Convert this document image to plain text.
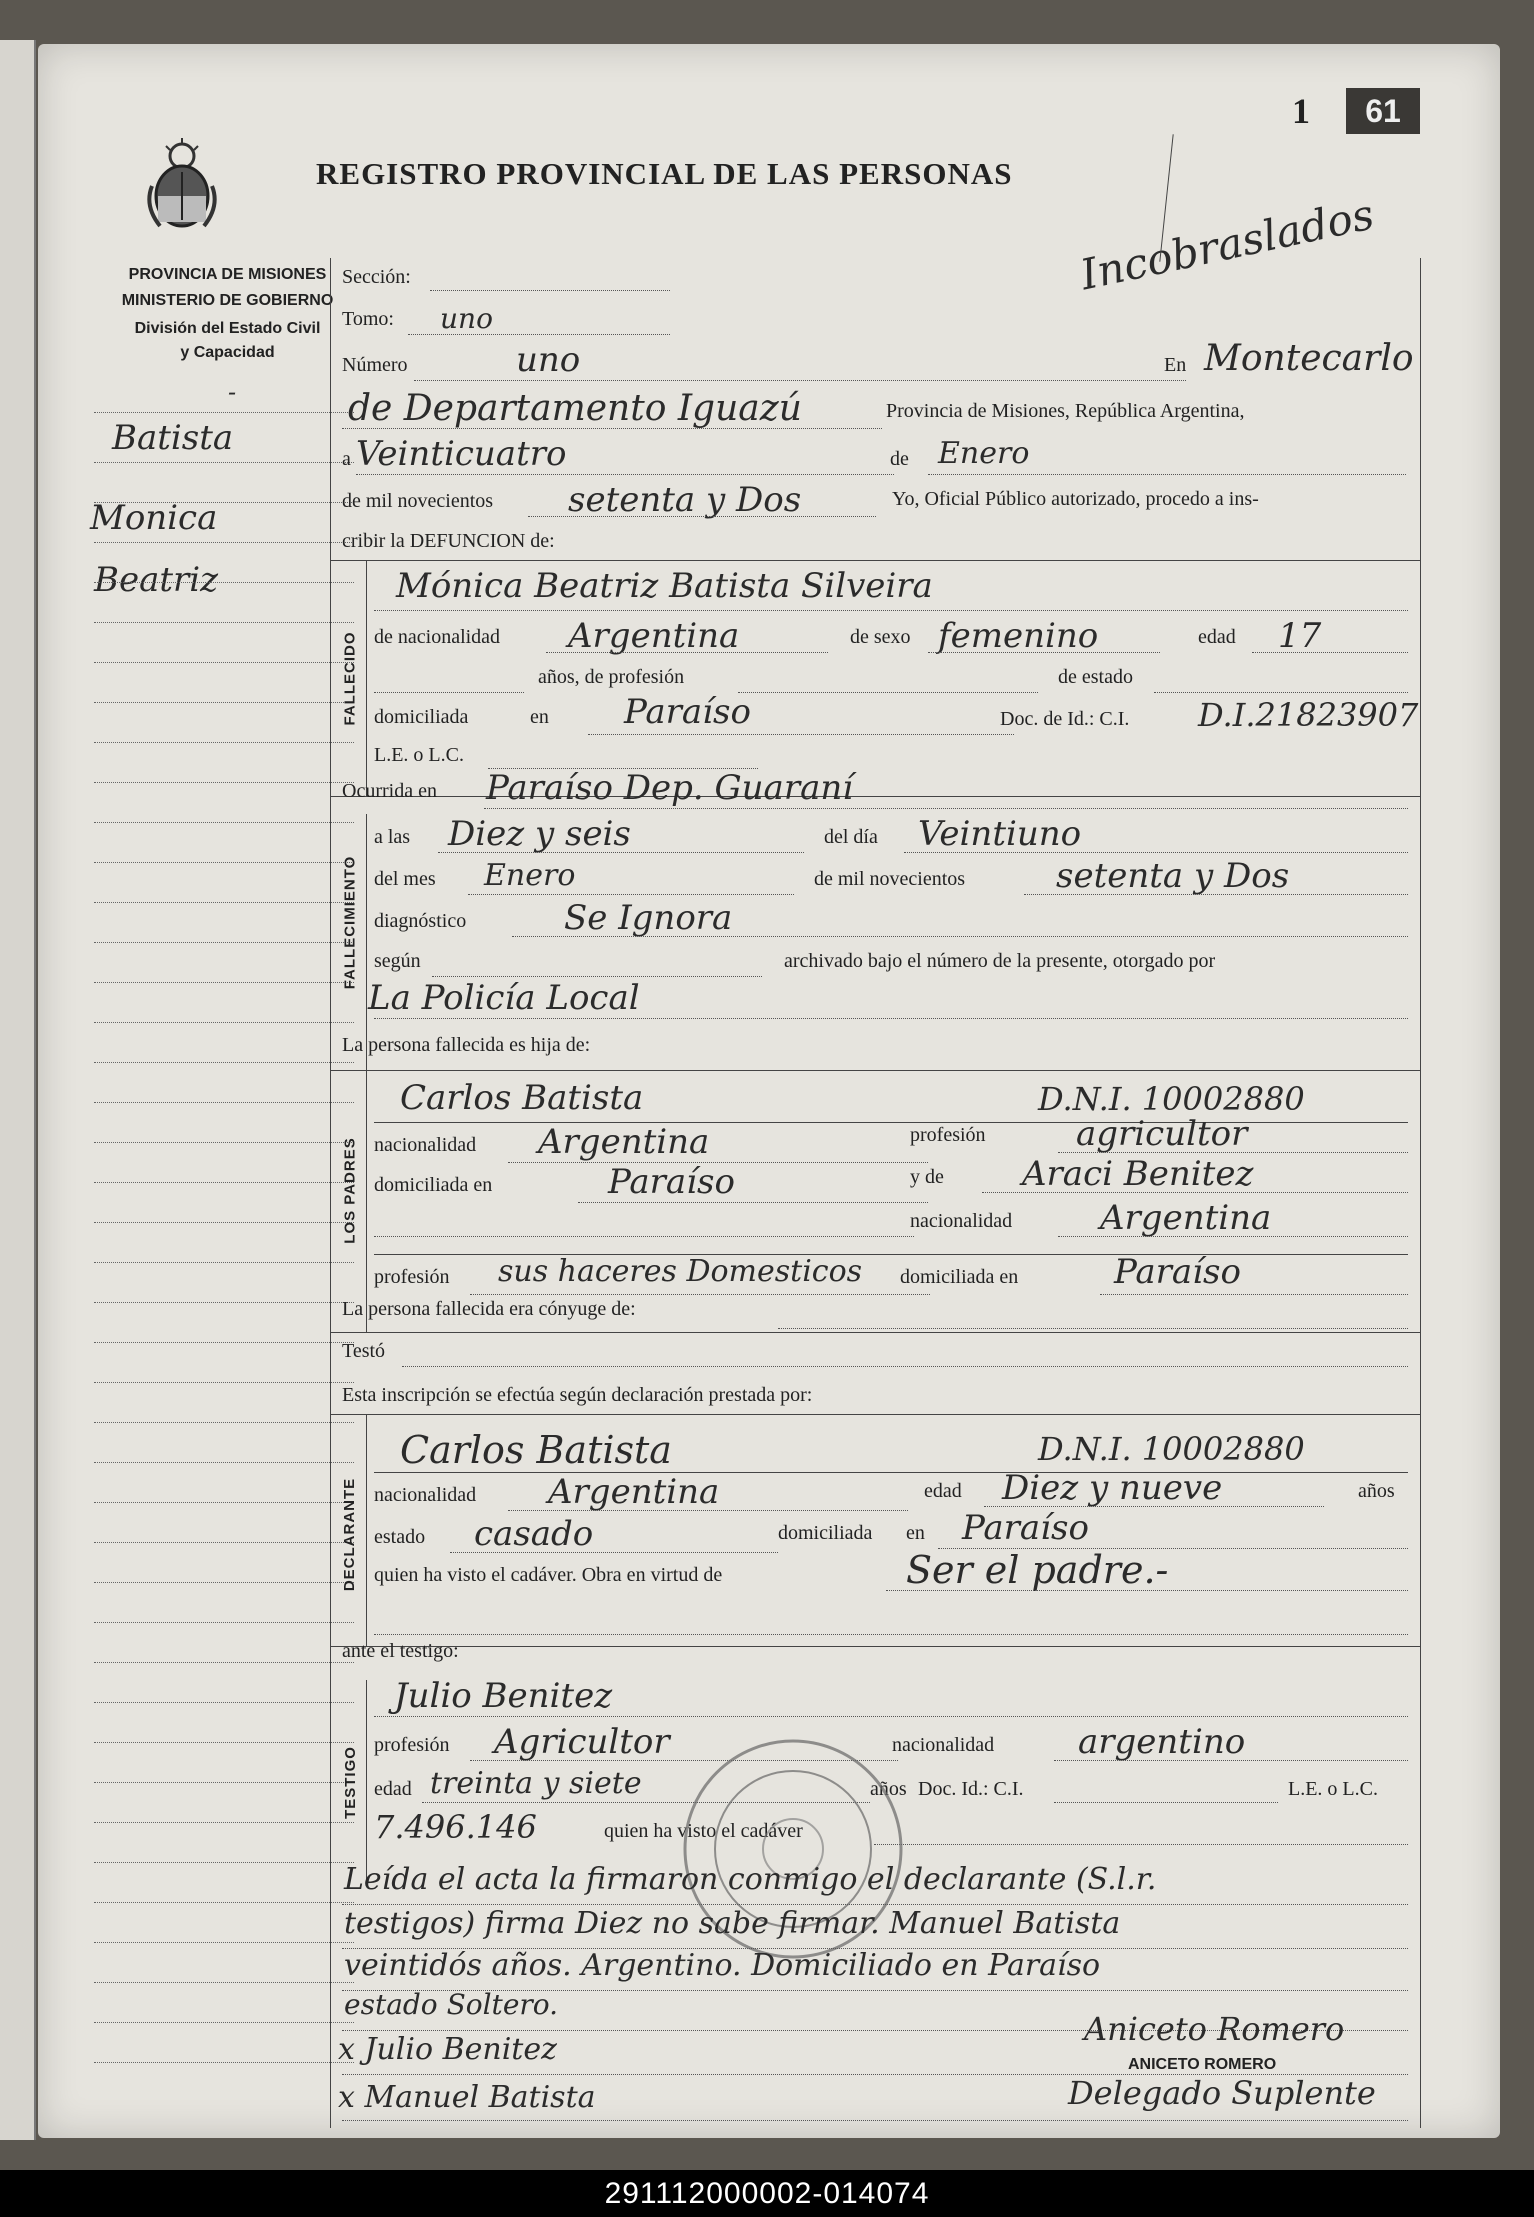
REGISTRO PROVINCIAL DE LAS PERSONAS
1	61
Incobraslados
PROVINCIA DE MISIONES
MINISTERIO DE GOBIERNO
División del Estado Civil
y Capacidad
-
Batista
Monica
Beatriz
Sección:
Tomo: uno
Número	uno	En Montecarlo
de Departamento Iguazú	Provincia de Misiones, República Argentina,
a Veinticuatro	de Enero
de mil novecientos setenta y Dos	Yo, Oficial Público autorizado, procedo a ins-
cribir la DEFUNCION de:
FALLECIDO
Mónica Beatriz Batista Silveira
de nacionalidad Argentina	de sexo femenino	edad 17
años, de profesión	de estado
domiciliada	en Paraíso	Doc. de Id.: C.I. D.I.21823907
L.E. o L.C.
Ocurrida en Paraíso Dep. Guaraní
FALLECIMIENTO
a las Diez y seis	del día Veintiuno
del mes Enero	de mil novecientos	setenta y Dos
diagnóstico	Se Ignora
según	archivado bajo el número de la presente, otorgado por
La Policía Local
La persona fallecida es hija de:
LOS PADRES
Carlos Batista	D.N.I. 10002880
nacionalidad Argentina	profesión	agricultor
domiciliada en	Paraíso	y de Araci Benitez
nacionalidad	Argentina
profesión sus haceres Domesticos domiciliada en	Paraíso
La persona fallecida era cónyuge de:
Testó
Esta inscripción se efectúa según declaración prestada por:
DECLARANTE
Carlos Batista	D.N.I. 10002880
nacionalidad Argentina	edad Diez y nueve	años
estado casado	domiciliada en Paraíso
quien ha visto el cadáver. Obra en virtud de	Ser el padre.-
ante el testigo:
TESTIGO
Julio Benitez
profesión Agricultor	nacionalidad argentino
edad treinta y siete	años Doc. Id.: C.I.	L.E. o L.C.
7.496.146	quien ha visto el cadáver
Leída el acta la firmaron conmigo el declarante (S.l.r.
testigos) firma Diez no sabe firmar. Manuel Batista
veintidós años. Argentino. Domiciliado en Paraíso
estado Soltero.
x Julio Benitez
x Manuel Batista
Aniceto Romero
ANICETO ROMERO
Delegado Suplente
291112000002-014074
